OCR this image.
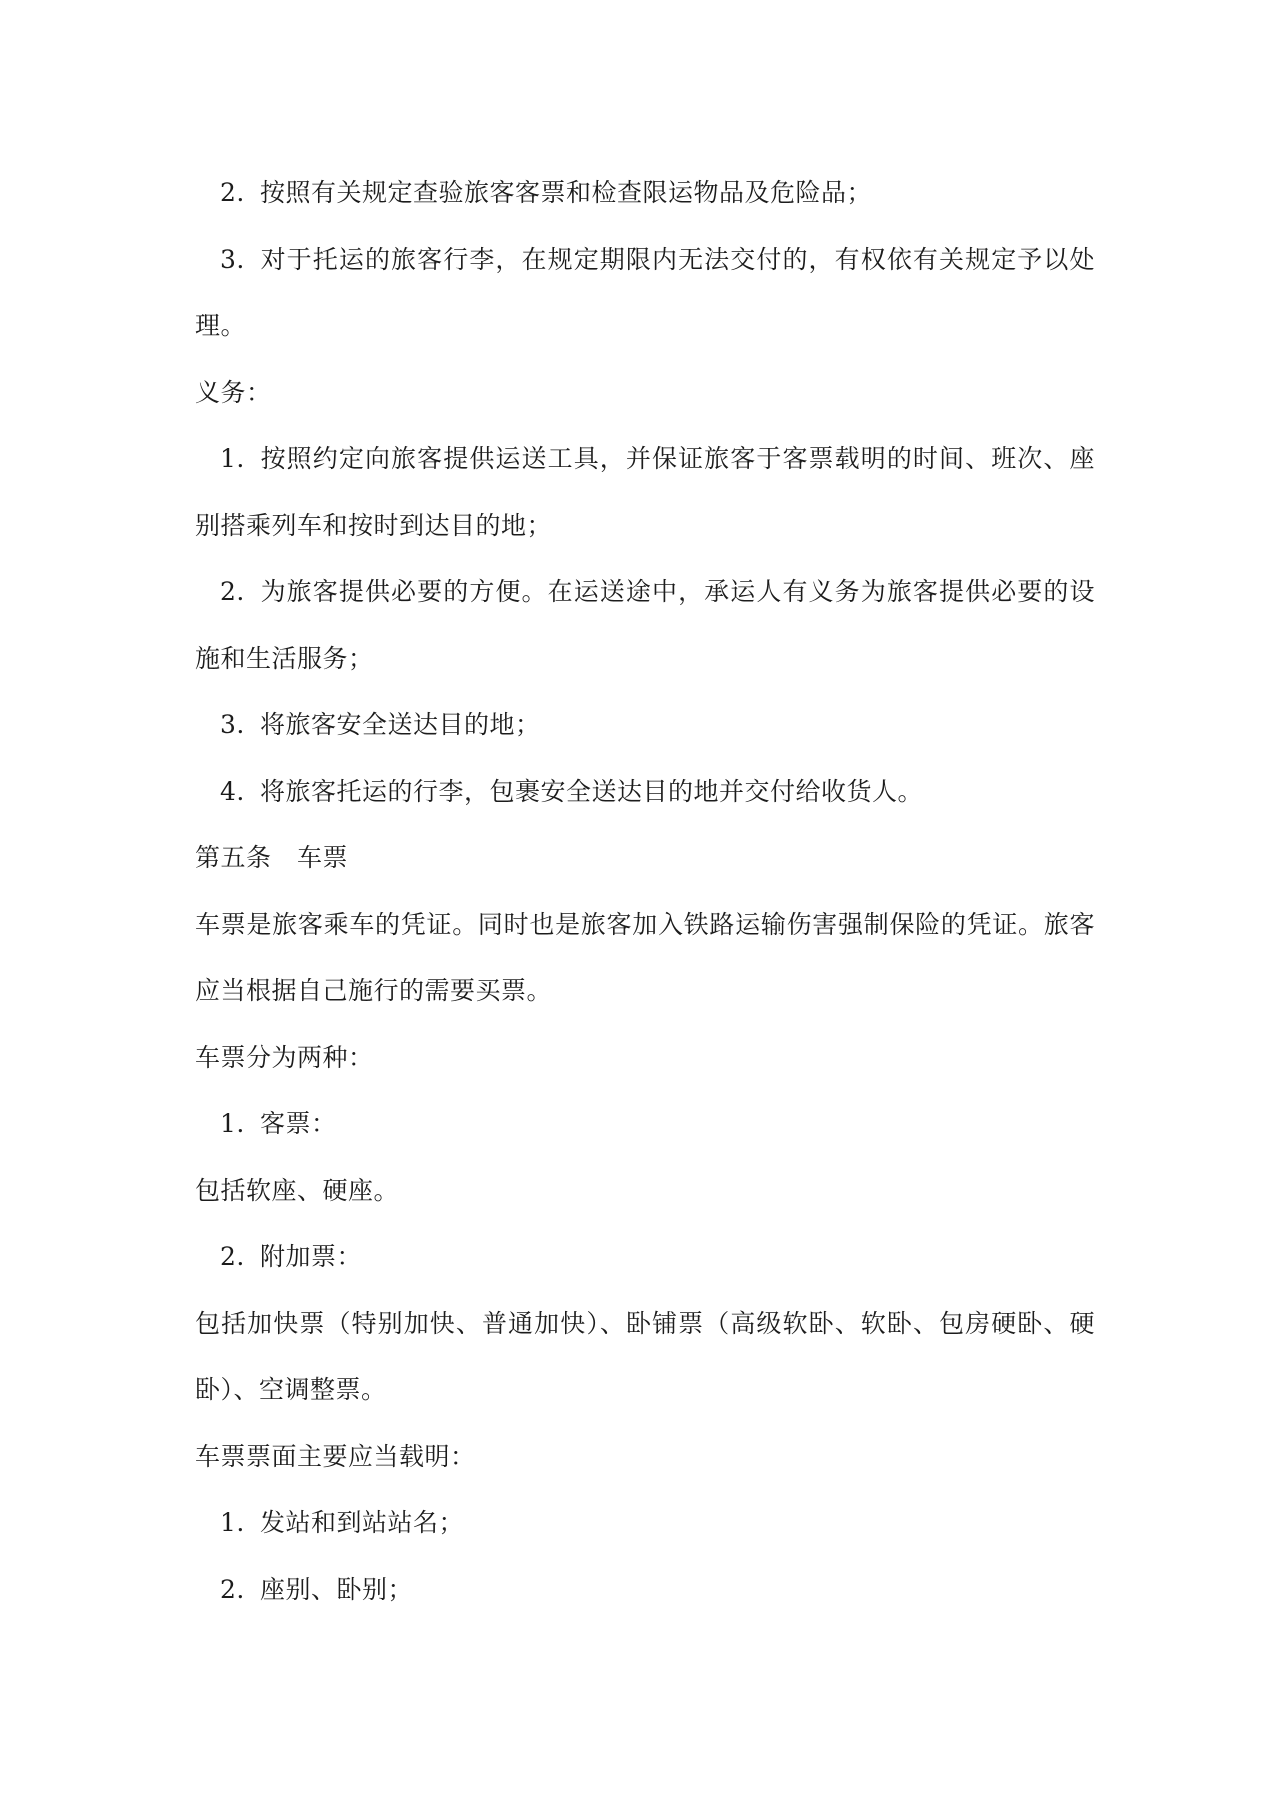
2. 按照有关规定查验旅客客票和检查限运物品及危险品；

3. 对于托运的旅客行李，在规定期限内无法交付的，有权依有关规定予以处理。

义务：

1. 按照约定向旅客提供运送工具，并保证旅客于客票载明的时间、班次、座别搭乘列车和按时到达目的地；

2. 为旅客提供必要的方便。在运送途中，承运人有义务为旅客提供必要的设施和生活服务；

3. 将旅客安全送达目的地；

4. 将旅客托运的行李，包裹安全送达目的地并交付给收货人。

第五条　车票

车票是旅客乘车的凭证。同时也是旅客加入铁路运输伤害强制保险的凭证。旅客应当根据自己施行的需要买票。

车票分为两种：

1. 客票：

包括软座、硬座。

2. 附加票：

包括加快票（特别加快、普通加快）、卧铺票（高级软卧、软卧、包房硬卧、硬卧）、空调整票。

车票票面主要应当载明：

1. 发站和到站站名；

2. 座别、卧别；
